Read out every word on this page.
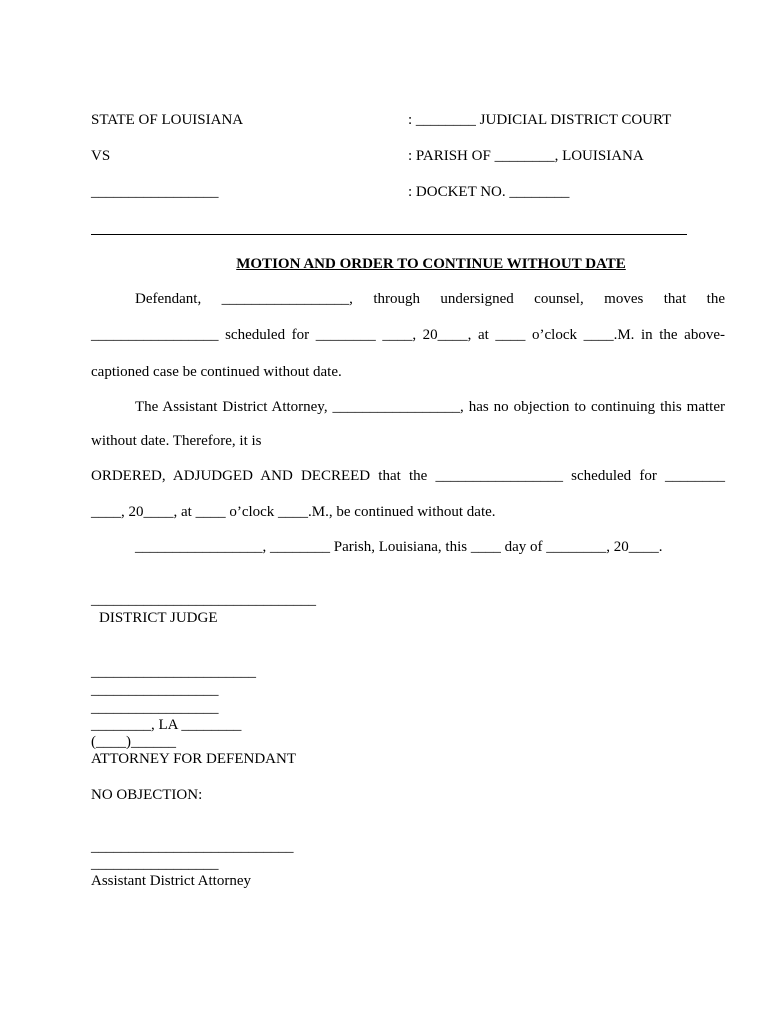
STATE OF LOUISIANA	: ________ JUDICIAL DISTRICT COURT
VS	: PARISH OF ________, LOUISIANA
_________________	: DOCKET NO. ________
MOTION AND ORDER TO CONTINUE WITHOUT DATE
Defendant, _________________, through undersigned counsel, moves that the
_________________ scheduled for ________ ____, 20____, at ____ o’clock ____.M. in the above-
captioned case be continued without date.
The Assistant District Attorney, _________________, has no objection to continuing this matter
without date. Therefore, it is
ORDERED, ADJUDGED AND DECREED that the _________________ scheduled for ________
____, 20____, at ____ o’clock ____.M., be continued without date.
_________________, ________ Parish, Louisiana, this ____ day of ________, 20____.
______________________________
DISTRICT JUDGE
______________________
_________________
_________________
________, LA ________
(____)______
ATTORNEY FOR DEFENDANT
NO OBJECTION:
___________________________
_________________
Assistant District Attorney
